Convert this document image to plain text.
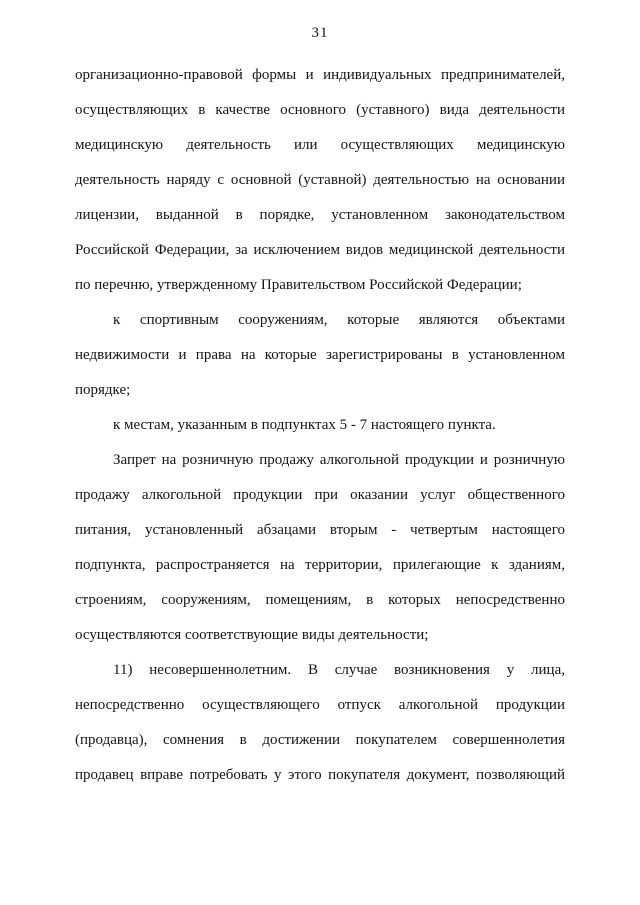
31
организационно-правовой формы и индивидуальных предпринимателей,
осуществляющих в качестве основного (уставного) вида деятельности
медицинскую деятельность или осуществляющих медицинскую
деятельность наряду с основной (уставной) деятельностью на основании
лицензии, выданной в порядке, установленном законодательством
Российской Федерации, за исключением видов медицинской деятельности
по перечню, утвержденному Правительством Российской Федерации;
к спортивным сооружениям, которые являются объектами
недвижимости и права на которые зарегистрированы в установленном
порядке;
к местам, указанным в подпунктах 5 - 7 настоящего пункта.
Запрет на розничную продажу алкогольной продукции и розничную
продажу алкогольной продукции при оказании услуг общественного
питания, установленный абзацами вторым - четвертым настоящего
подпункта, распространяется на территории, прилегающие к зданиям,
строениям, сооружениям, помещениям, в которых непосредственно
осуществляются соответствующие виды деятельности;
11) несовершеннолетним. В случае возникновения у лица,
непосредственно осуществляющего отпуск алкогольной продукции
(продавца), сомнения в достижении покупателем совершеннолетия
продавец вправе потребовать у этого покупателя документ, позволяющий
